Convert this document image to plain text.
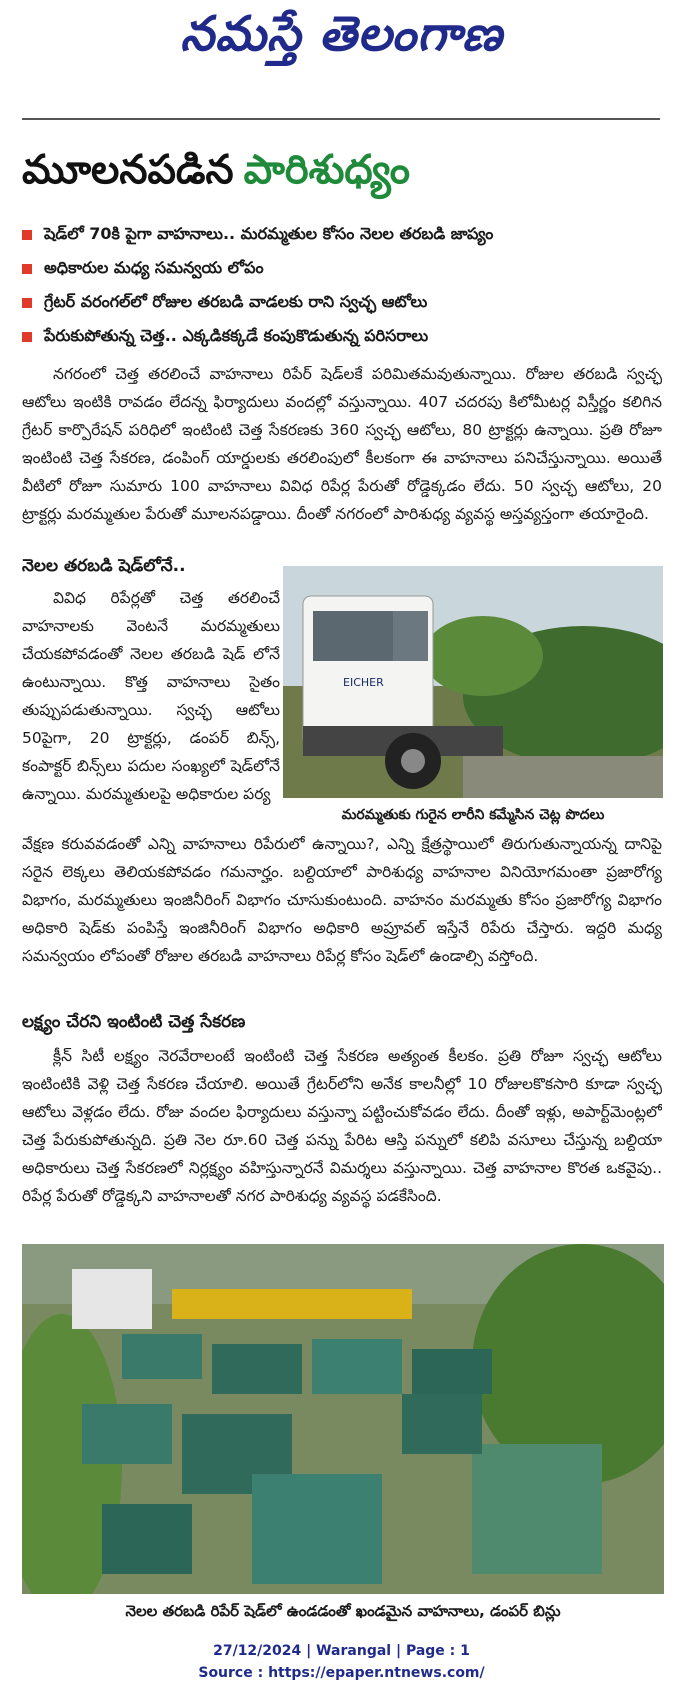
నమస్తే తెలంగాణ
మూలనపడిన పారిశుధ్యం
షెడ్‌లో 70కి పైగా వాహనాలు.. మరమ్మతుల కోసం నెలల తరబడి జాప్యం
అధికారుల మధ్య సమన్వయ లోపం
గ్రేటర్ వరంగల్‌లో రోజుల తరబడి వాడలకు రాని స్వచ్ఛ ఆటోలు
పేరుకుపోతున్న చెత్త.. ఎక్కడికక్కడే కంపుకొడుతున్న పరిసరాలు

నగరంలో చెత్త తరలించే వాహనాలు రిపేర్ షెడ్‌లకే పరిమితమవుతున్నాయి. రోజుల తరబడి స్వచ్ఛ ఆటోలు ఇంటికి రావడం లేదన్న ఫిర్యాదులు వందల్లో వస్తున్నాయి. 407 చదరపు కిలోమీటర్ల విస్తీర్ణం కలిగిన గ్రేటర్ కార్పొరేషన్ పరిధిలో ఇంటింటి చెత్త సేకరణకు 360 స్వచ్ఛ ఆటోలు, 80 ట్రాక్టర్లు ఉన్నాయి. ప్రతి రోజూ ఇంటింటి చెత్త సేకరణ, డంపింగ్ యార్డులకు తరలింపులో కీలకంగా ఈ వాహనాలు పనిచేస్తున్నాయి. అయితే వీటిలో రోజూ సుమారు 100 వాహనాలు వివిధ రిపేర్ల పేరుతో రోడ్డెక్కడం లేదు. 50 స్వచ్ఛ ఆటోలు, 20 ట్రాక్టర్లు మరమ్మతుల పేరుతో మూలనపడ్డాయి. దీంతో నగరంలో పారిశుధ్య వ్యవస్థ అస్తవ్యస్తంగా తయారైంది.

నెలల తరబడి షెడ్‌లోనే..

వివిధ రిపేర్లతో చెత్త తరలించే వాహనాలకు వెంటనే మరమ్మతులు చేయకపోవడంతో నెలల తరబడి షెడ్ లోనే ఉంటున్నాయి. కొత్త వాహనాలు సైతం తుప్పుపడుతున్నాయి. స్వచ్ఛ ఆటోలు 50పైగా, 20 ట్రాక్టర్లు, డంపర్ బిన్స్, కంపాక్టర్ బిన్స్‌లు పదుల సంఖ్యలో షెడ్‌లోనే ఉన్నాయి. మరమ్మతులపై అధికారుల పర్య

EICHER
మరమ్మతుకు గురైన లారీని కమ్మేసిన చెట్ల పొదలు

వేక్షణ కరువవడంతో ఎన్ని వాహనాలు రిపేరులో ఉన్నాయి?, ఎన్ని క్షేత్రస్థాయిలో తిరుగుతున్నాయన్న దానిపై సరైన లెక్కలు తెలియకపోవడం గమనార్హం. బల్దియాలో పారిశుధ్య వాహనాల వినియోగమంతా ప్రజారోగ్య విభాగం, మరమ్మతులు ఇంజినీరింగ్ విభాగం చూసుకుంటుంది. వాహనం మరమ్మతు కోసం ప్రజారోగ్య విభాగం అధికారి షెడ్‌కు పంపిస్తే ఇంజినీరింగ్ విభాగం అధికారి అప్రూవల్ ఇస్తేనే రిపేరు చేస్తారు. ఇద్దరి మధ్య సమన్వయం లోపంతో రోజుల తరబడి వాహనాలు రిపేర్ల కోసం షెడ్‌లో ఉండాల్సి వస్తోంది.

లక్ష్యం చేరని ఇంటింటి చెత్త సేకరణ

క్లీన్ సిటీ లక్ష్యం నెరవేరాలంటే ఇంటింటి చెత్త సేకరణ అత్యంత కీలకం. ప్రతి రోజూ స్వచ్ఛ ఆటోలు ఇంటింటికి వెళ్లి చెత్త సేకరణ చేయాలి. అయితే గ్రేటర్‌లోని అనేక కాలనీల్లో 10 రోజులకొకసారి కూడా స్వచ్ఛ ఆటోలు వెళ్లడం లేదు. రోజు వందల ఫిర్యాదులు వస్తున్నా పట్టించుకోవడం లేదు. దీంతో ఇళ్లు, అపార్ట్‌మెంట్లలో చెత్త పేరుకుపోతున్నది. ప్రతి నెల రూ.60 చెత్త పన్ను పేరిట ఆస్తి పన్నులో కలిపి వసూలు చేస్తున్న బల్దియా అధికారులు చెత్త సేకరణలో నిర్లక్ష్యం వహిస్తున్నారనే విమర్శలు వస్తున్నాయి. చెత్త వాహనాల కొరత ఒకవైపు.. రిపేర్ల పేరుతో రోడ్డెక్కని వాహనాలతో నగర పారిశుధ్య వ్యవస్థ పడకేసింది.

నెలల తరబడి రిపేర్ షెడ్‌లో ఉండడంతో ఖండమైన వాహనాలు, డంపర్ బిన్లు
27/12/2024 | Warangal | Page : 1
Source : https://epaper.ntnews.com/
